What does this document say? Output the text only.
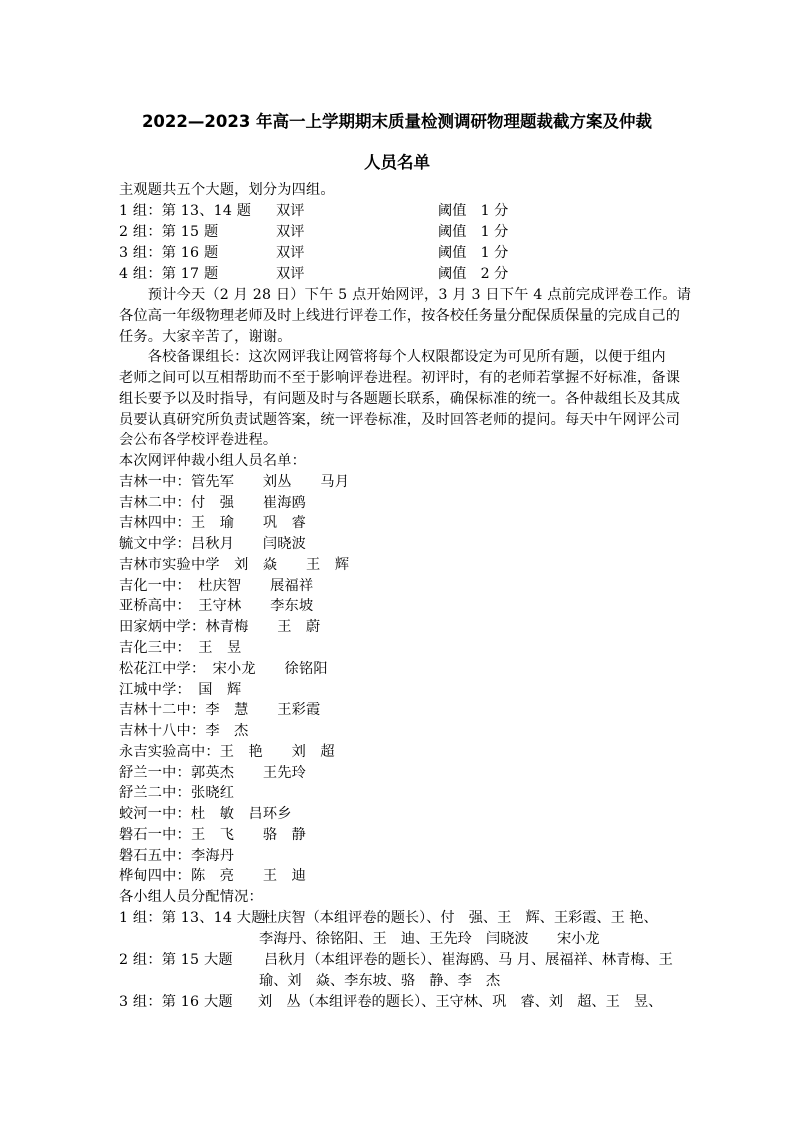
2022—2023 年高一上学期期末质量检测调研物理题裁截方案及仲裁
人员名单
主观题共五个大题，划分为四组。
1 组：第 13、14 题 双评	阈值　1 分
2 组：第 15 题	双评	阈值　1 分
3 组：第 16 题	双评	阈值　1 分
4 组：第 17 题	双评	阈值　2 分
　　预计今天（2 月 28 日）下午 5 点开始网评，3 月 3 日下午 4 点前完成评卷工作。请
各位高一年级物理老师及时上线进行评卷工作，按各校任务量分配保质保量的完成自己的
任务。大家辛苦了，谢谢。
　　各校备课组长：这次网评我让网管将每个人权限都设定为可见所有题，以便于组内
老师之间可以互相帮助而不至于影响评卷进程。初评时，有的老师若掌握不好标准，备课
组长要予以及时指导，有问题及时与各题题长联系，确保标准的统一。各仲裁组长及其成
员要认真研究所负责试题答案，统一评卷标准，及时回答老师的提问。每天中午网评公司
会公布各学校评卷进程。
本次网评仲裁小组人员名单：
吉林一中：管先军　　刘丛　　马月
吉林二中：付　强　　崔海鸥
吉林四中：王　瑜　　巩　睿
毓文中学：吕秋月　　闫晓波
吉林市实验中学　刘　焱　　王　辉
吉化一中：　杜庆智　　展福祥
亚桥高中：　王守林　　李东坡
田家炳中学：林青梅　　王　蔚
吉化三中：　王　昱
松花江中学：　宋小龙　　徐铭阳
江城中学：　国　辉
吉林十二中：李　慧　　王彩霞
吉林十八中：李　杰
永吉实验高中：王　艳　　刘　超
舒兰一中：郭英杰　　王先玲
舒兰二中：张晓红
蛟河一中：杜　敏　吕环乡
磐石一中：王　飞　　骆　静
磐石五中：李海丹
桦甸四中：陈　亮　　王　迪
各小组人员分配情况：
1 组：第 13、14 大题
杜庆智（本组评卷的题长）、付　强、王　辉、王彩霞、王 艳、
李海丹、徐铭阳、王　迪、王先玲　闫晓波　　宋小龙
2 组：第 15 大题 吕秋月（本组评卷的题长）、崔海鸥、马 月、展福祥、林青梅、王
瑜、刘　焱、李东坡、骆　静、李　杰
3 组：第 16 大题 刘　丛（本组评卷的题长）、王守林、巩　睿、刘　超、王　昱、
